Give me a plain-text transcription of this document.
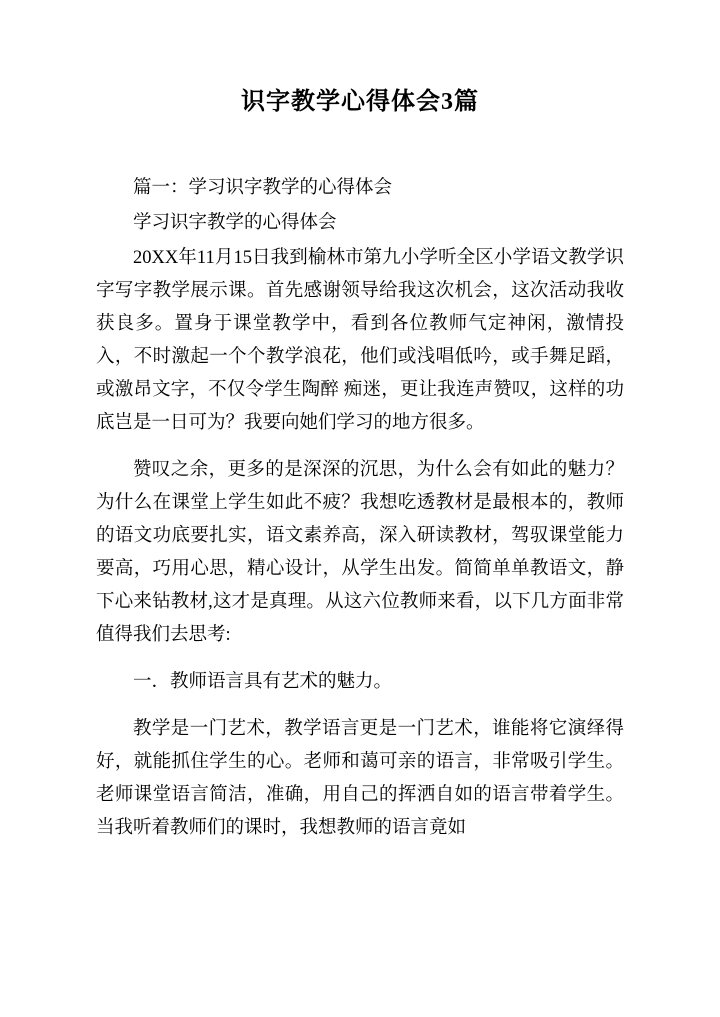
识字教学心得体会3篇

篇一：学习识字教学的心得体会

学习识字教学的心得体会

20XX年11月15日我到榆林市第九小学听全区小学语文教学识字写字教学展示课。首先感谢领导给我这次机会，这次活动我收获良多。置身于课堂教学中，看到各位教师气定神闲，激情投入，不时激起一个个教学浪花，他们或浅唱低吟，或手舞足蹈，或激昂文字，不仅令学生陶醉 痴迷，更让我连声赞叹，这样的功底岂是一日可为？我要向她们学习的地方很多。

赞叹之余，更多的是深深的沉思，为什么会有如此的魅力？为什么在课堂上学生如此不疲？我想吃透教材是最根本的，教师的语文功底要扎实，语文素养高，深入研读教材，驾驭课堂能力要高，巧用心思，精心设计，从学生出发。简简单单教语文，静下心来钻教材,这才是真理。从这六位教师来看，以下几方面非常值得我们去思考:

一．教师语言具有艺术的魅力。

教学是一门艺术，教学语言更是一门艺术，谁能将它演绎得好，就能抓住学生的心。老师和蔼可亲的语言，非常吸引学生。老师课堂语言简洁，准确，用自己的挥洒自如的语言带着学生。当我听着教师们的课时，我想教师的语言竟如
